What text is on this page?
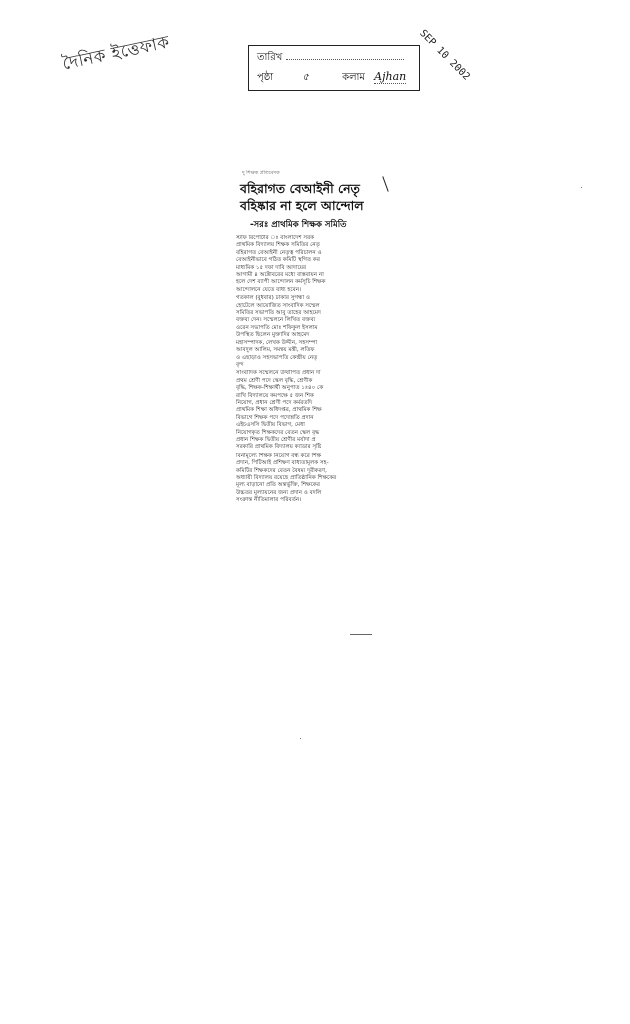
দৈনিক ইত্তেফাক	SEP 10 2002
তারিখ
পৃষ্ঠা	৫	কলাম Ajhan
দু শিক্ষক প্রতিবেদক
বহিরাগত বেআইনী নেতৃ
বহিষ্কার না হলে আন্দোল
-সরঃ প্রাথমিক শিক্ষক সমিতি
স্টাফ রিপোর্টার ঃ বাংলাদেশ সরক
প্রাথমিক বিদ্যালয় শিক্ষক সমিতির নেতৃ
বহিরাগত বেআইনী নেতৃত্ব পরিচালন ও
বেআইনীভাবে গঠিত কমিটি স্থগিত কর
মাধ্যমিক ১৫ দফা দাবি আদায়ের
আগামী ৪ অক্টোবরের মধ্যে বাস্তবায়ন না
হলে দেশ ব্যাপী আন্দোলন কর্মসূচি শিক্ষক
আন্দোলনে যেতে বাধ্য হবেন।
গতকাল (বুধবার) ঢাকার সুগন্ধা ও
হোটেলে আয়োজিত সাংবাদিক সম্মেল
সমিতির সভাপতি আবু তাহের আহমেদ
বক্তব্য দেন। সম্মেলনে লিখিত বক্তব্য
ওরেন সভাপতি মোঃ শফিকুল ইসলাম
উপস্থিত ছিলেন মুক্তাদির আহমেদ
মহাসম্পাদক, লেখক উদ্দীন, সহসম্পা
আবদুল আলিম, সমন্বয় মন্ত্রী, লতিফ
ও এছাড়াও সহসভাপতি কেন্দ্রীয় নেতৃ
বৃন্দ
সাংবাদিক সম্মেলনে উত্থাপিত প্রধান দা
প্রথম শ্রেণী পদে স্কেল বৃদ্ধি, শ্রেণীক
বৃদ্ধি, শিক্ষক-শিক্ষার্থী অনুপাত ১ঃ৪০ কে
রাখি বিদ্যালয়ে কমপক্ষে ৫ জন শিক
নিয়োগ, প্রধান শ্রেণী পদে কর্মরতদি
প্রাথমিক শিক্ষা অধিদপ্তর, প্রাথমিক শিক্ষ
বিভাগে শিক্ষক পদে পদোন্নতি প্রদান
এইচএসসি দ্বিতীয় বিভাগ, মেধা
নিয়োগকৃত শিক্ষকদের বেতন স্কেল বৃদ্ধ
প্রধান শিক্ষক দ্বিতীয় শ্রেণীর মর্যাদা প্র
সরকারি প্রাথমিক বিদ্যালয় ক্যাডার সৃষ্টি
বিনামূল্যে শিক্ষক নিয়োগ বন্ধ করে শিক্ষ
প্রদান, পিটিআই প্রশিক্ষণ বাধ্যতামূলক সহ-
কমিটির শিক্ষকদের বেতন বৈষম্য দূরীকরণ,
অধ্যায়ী বিদ্যালয় রয়েছে প্রাতিষ্ঠানিক শিক্ষকের
মূল্য বাড়ানো প্রতি অন্তর্ভুক্তি, শিক্ষকের
উচ্চতর মূল্যায়নের জন্য প্রদান ও বদলি
সংক্রান্ত নীতিমালার পরিবর্তন।
